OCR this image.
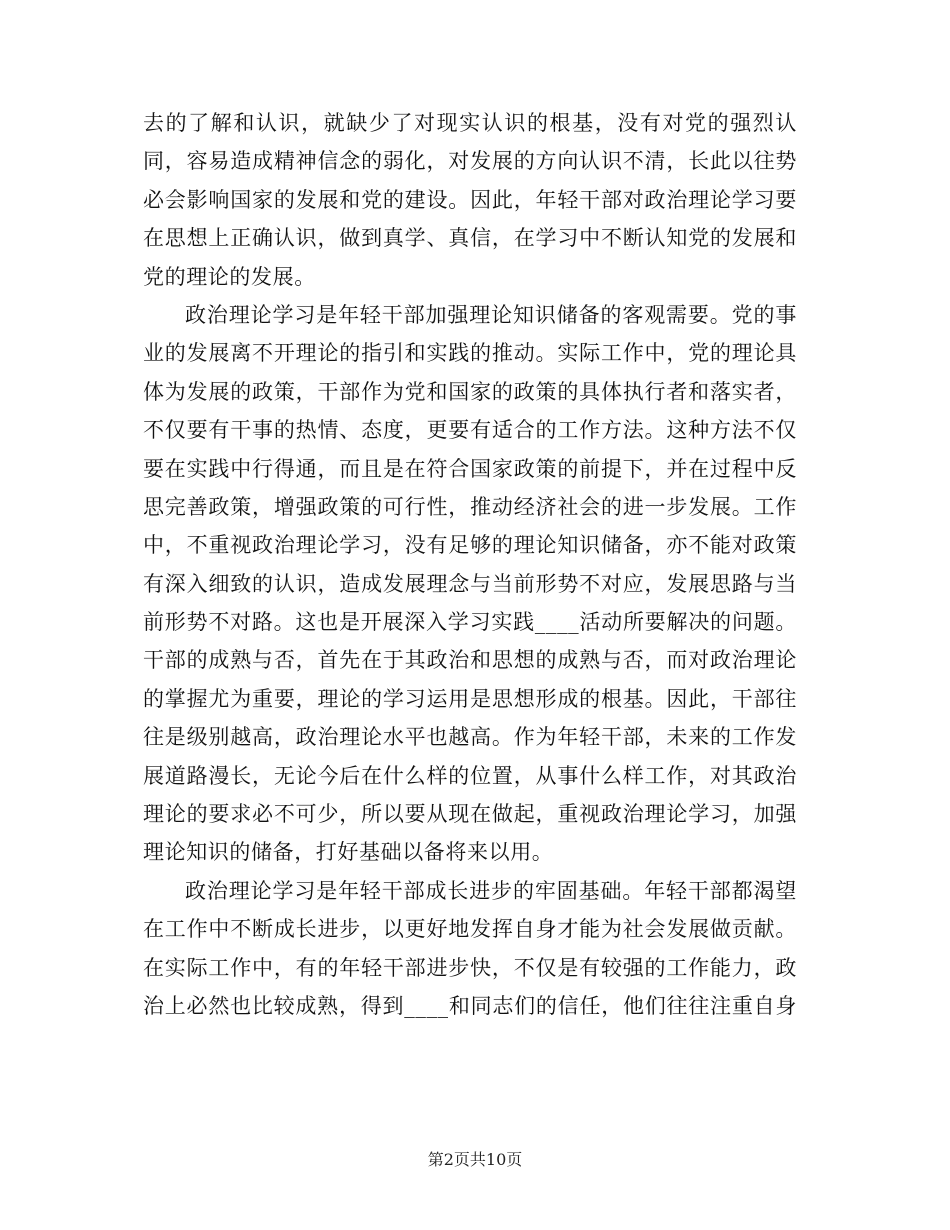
去的了解和认识，就缺少了对现实认识的根基，没有对党的强烈认
同，容易造成精神信念的弱化，对发展的方向认识不清，长此以往势
必会影响国家的发展和党的建设。因此，年轻干部对政治理论学习要
在思想上正确认识，做到真学、真信，在学习中不断认知党的发展和
党的理论的发展。
政治理论学习是年轻干部加强理论知识储备的客观需要。党的事
业的发展离不开理论的指引和实践的推动。实际工作中，党的理论具
体为发展的政策，干部作为党和国家的政策的具体执行者和落实者，
不仅要有干事的热情、态度，更要有适合的工作方法。这种方法不仅
要在实践中行得通，而且是在符合国家政策的前提下，并在过程中反
思完善政策，增强政策的可行性，推动经济社会的进一步发展。工作
中，不重视政治理论学习，没有足够的理论知识储备，亦不能对政策
有深入细致的认识，造成发展理念与当前形势不对应，发展思路与当
前形势不对路。这也是开展深入学习实践____活动所要解决的问题。
干部的成熟与否，首先在于其政治和思想的成熟与否，而对政治理论
的掌握尤为重要，理论的学习运用是思想形成的根基。因此，干部往
往是级别越高，政治理论水平也越高。作为年轻干部，未来的工作发
展道路漫长，无论今后在什么样的位置，从事什么样工作，对其政治
理论的要求必不可少，所以要从现在做起，重视政治理论学习，加强
理论知识的储备，打好基础以备将来以用。
政治理论学习是年轻干部成长进步的牢固基础。年轻干部都渴望
在工作中不断成长进步，以更好地发挥自身才能为社会发展做贡献。
在实际工作中，有的年轻干部进步快，不仅是有较强的工作能力，政
治上必然也比较成熟，得到____和同志们的信任，他们往往注重自身
第2页共10页
